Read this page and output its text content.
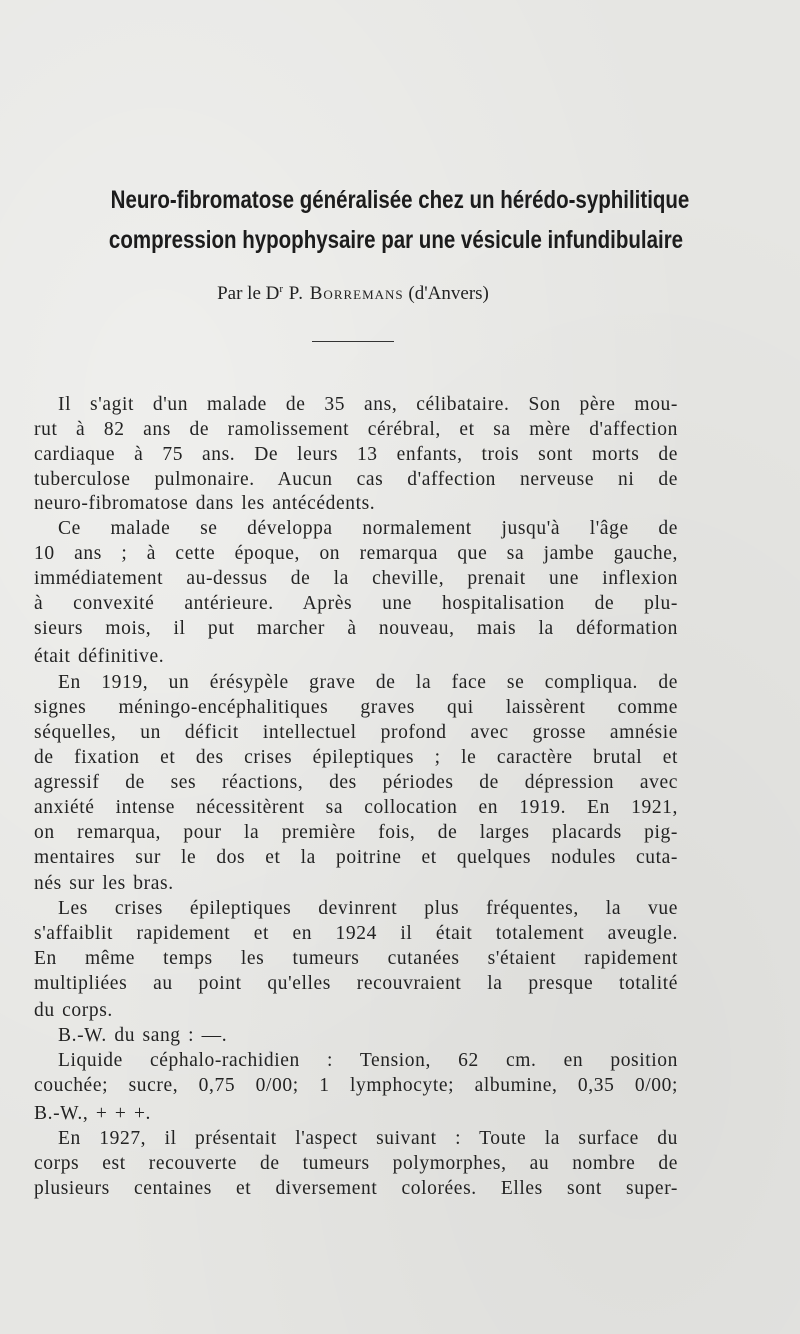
Neuro-fibromatose généralisée chez un hérédo-syphilitique
compression hypophysaire par une vésicule infundibulaire
Par le $D^r$ P. Borremans (d'Anvers)
Il s'agit d'un malade de 35 ans, célibataire. Son père mou-
rut à 82 ans de ramolissement cérébral, et sa mère d'affection
cardiaque à 75 ans. De leurs 13 enfants, trois sont morts de
tuberculose pulmonaire. Aucun cas d'affection nerveuse ni de
neuro-fibromatose dans les antécédents.
Ce malade se développa normalement jusqu'à l'âge de
10 ans ; à cette époque, on remarqua que sa jambe gauche,
immédiatement au-dessus de la cheville, prenait une inflexion
à convexité antérieure. Après une hospitalisation de plu-
sieurs mois, il put marcher à nouveau, mais la déformation
était définitive.
En 1919, un érésypèle grave de la face se compliqua. de
signes méningo-encéphalitiques graves qui laissèrent comme
séquelles, un déficit intellectuel profond avec grosse amnésie
de fixation et des crises épileptiques ; le caractère brutal et
agressif de ses réactions, des périodes de dépression avec
anxiété intense nécessitèrent sa collocation en 1919. En 1921,
on remarqua, pour la première fois, de larges placards pig-
mentaires sur le dos et la poitrine et quelques nodules cuta-
nés sur les bras.
Les crises épileptiques devinrent plus fréquentes, la vue
s'affaiblit rapidement et en 1924 il était totalement aveugle.
En même temps les tumeurs cutanées s'étaient rapidement
multipliées au point qu'elles recouvraient la presque totalité
du corps.
B.-W. du sang : —.
Liquide céphalo-rachidien : Tension, 62 cm. en position
couchée; sucre, 0,75 0/00; 1 lymphocyte; albumine, 0,35 0/00;
B.-W., + + +.
En 1927, il présentait l'aspect suivant : Toute la surface du
corps est recouverte de tumeurs polymorphes, au nombre de
plusieurs centaines et diversement colorées. Elles sont super-
